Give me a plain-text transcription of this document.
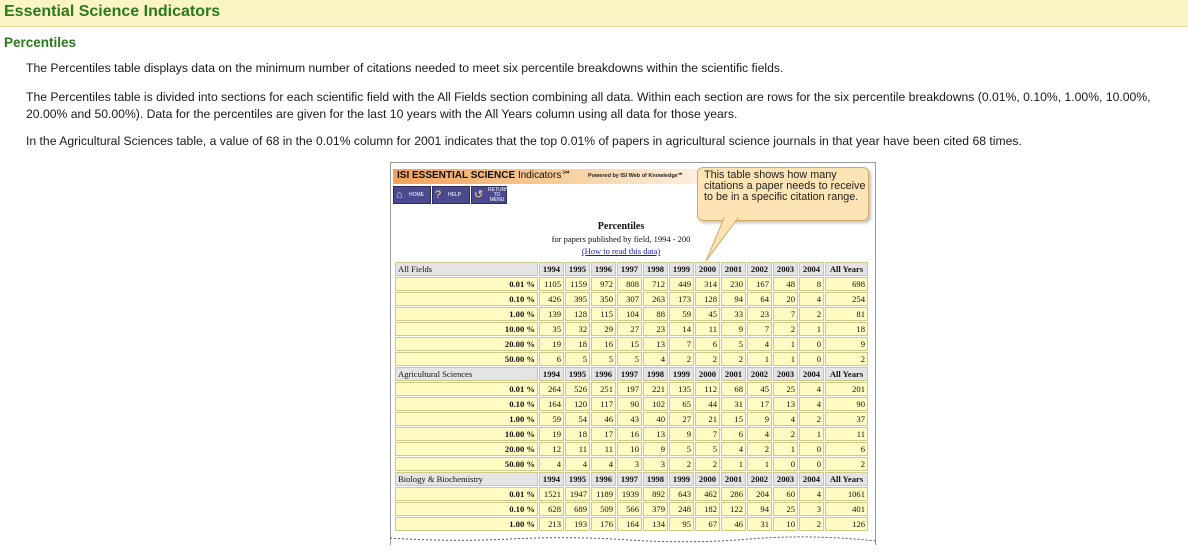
Essential Science Indicators
Percentiles
The Percentiles table displays data on the minimum number of citations needed to meet six percentile breakdowns within the scientific fields.
The Percentiles table is divided into sections for each scientific field with the All Fields section combining all data. Within each section are rows for the six percentile breakdowns (0.01%, 0.10%, 1.00%, 10.00%, 20.00% and 50.00%). Data for the percentiles are given for the last 10 years with the All Years column using all data for those years.
In the Agricultural Sciences table, a value of 68 in the 0.01% column for 2001 indicates that the top 0.01% of papers in agricultural science journals in that year have been cited 68 times.
ISI ESSENTIAL SCIENCE Indicators℠	Powered by ISI Web of Knowledge℠
⌂	HOME ?	HELP ↺ RETURN TO MENU
Percentiles
for papers published by field, 1994 - 200
(How to read this data)
All Fields	1994	1995	1996	1997	1998	1999	2000	2001	2002	2003	2004	All Years
0.01 %	1105	1159	972	808	712	449	314	230	167	48	8	698
0.10 %	426	395	350	307	263	173	128	94	64	20	4	254
1.00 %	139	128	115	104	88	59	45	33	23	7	2	81
10.00 %	35	32	29	27	23	14	11	9	7	2	1	18
20.00 %	19	18	16	15	13	7	6	5	4	1	0	9
50.00 %	6	5	5	5	4	2	2	2	1	1	0	2
Agricultural Sciences	1994	1995	1996	1997	1998	1999	2000	2001	2002	2003	2004	All Years
0.01 %	264	526	251	197	221	135	112	68	45	25	4	201
0.10 %	164	120	117	90	102	65	44	31	17	13	4	90
1.00 %	59	54	46	43	40	27	21	15	9	4	2	37
10.00 %	19	18	17	16	13	9	7	6	4	2	1	11
20.00 %	12	11	11	10	9	5	5	4	2	1	0	6
50.00 %	4	4	4	3	3	2	2	1	1	0	0	2
Biology & Biochemistry	1994	1995	1996	1997	1998	1999	2000	2001	2002	2003	2004	All Years
0.01 %	1521	1947	1189	1939	892	643	462	286	204	60	4	1061
0.10 %	628	689	509	566	379	248	182	122	94	25	3	401
1.00 %	213	193	176	164	134	95	67	46	31	10	2	126
This table shows how many citations a paper needs to receive to be in a specific citation range.
